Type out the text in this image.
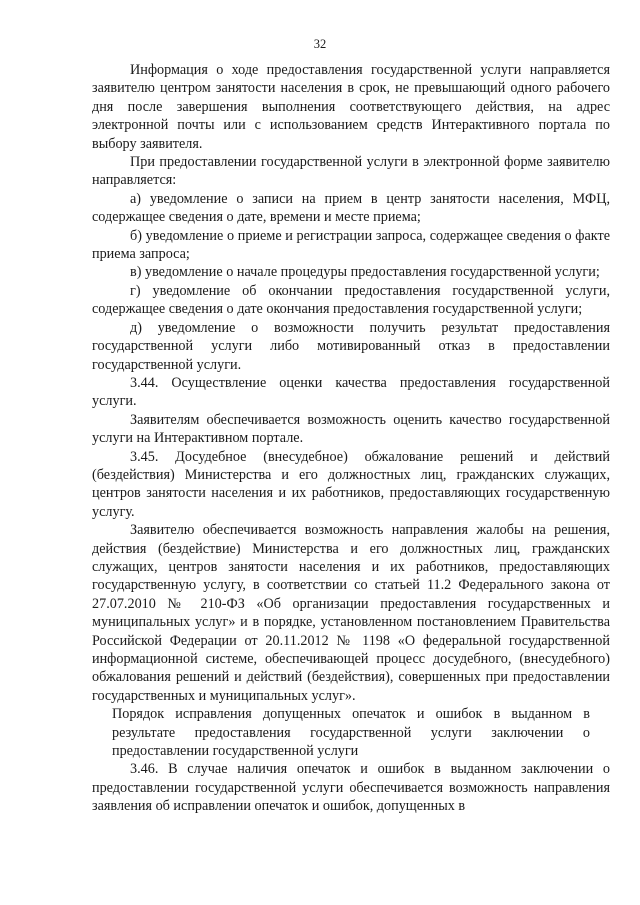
32

Информация о ходе предоставления государственной услуги направляется заявителю центром занятости населения в срок, не превышающий одного рабочего дня после завершения выполнения соответствующего действия, на адрес электронной почты или с использованием средств Интерактивного портала по выбору заявителя.

При предоставлении государственной услуги в электронной форме заявителю направляется:

а) уведомление о записи на прием в центр занятости населения, МФЦ, содержащее сведения о дате, времени и месте приема;

б) уведомление о приеме и регистрации запроса, содержащее сведения о факте приема запроса;

в) уведомление о начале процедуры предоставления государственной услуги;

г) уведомление об окончании предоставления государственной услуги, содержащее сведения о дате окончания предоставления государственной услуги;

д) уведомление о возможности получить результат предоставления государственной услуги либо мотивированный отказ в предоставлении государственной услуги.

3.44. Осуществление оценки качества предоставления государственной услуги.

Заявителям обеспечивается возможность оценить качество государственной услуги на Интерактивном портале.

3.45. Досудебное (внесудебное) обжалование решений и действий (бездействия) Министерства и его должностных лиц, гражданских служащих, центров занятости населения и их работников, предоставляющих государственную услугу.

Заявителю обеспечивается возможность направления жалобы на решения, действия (бездействие) Министерства и его должностных лиц, гражданских служащих, центров занятости населения и их работников, предоставляющих государственную услугу, в соответствии со статьей 11.2 Федерального закона от 27.07.2010 № 210-ФЗ «Об организации предоставления государственных и муниципальных услуг» и в порядке, установленном постановлением Правительства Российской Федерации от 20.11.2012 № 1198 «О федеральной государственной информационной системе, обеспечивающей процесс досудебного, (внесудебного) обжалования решений и действий (бездействия), совершенных при предоставлении государственных и муниципальных услуг».

Порядок исправления допущенных опечаток и ошибок в выданном в результате предоставления государственной услуги заключении о предоставлении государственной услуги

3.46. В случае наличия опечаток и ошибок в выданном заключении о предоставлении государственной услуги обеспечивается возможность направления заявления об исправлении опечаток и ошибок, допущенных в
